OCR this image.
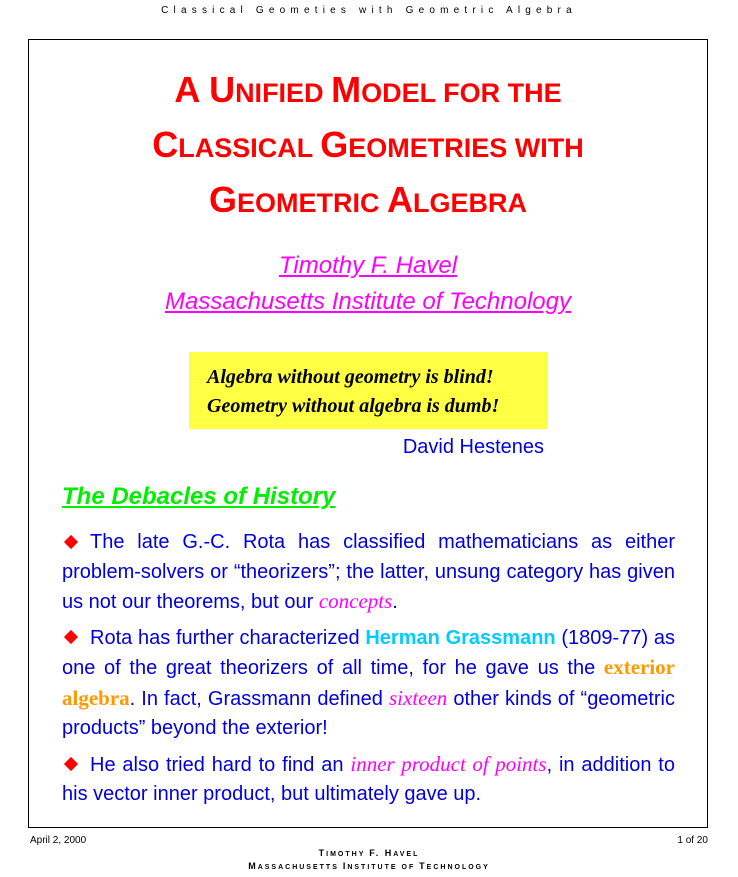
Classical Geometies with Geometric Algebra
A UNIFIED MODEL FOR THE
CLASSICAL GEOMETRIES WITH
GEOMETRIC ALGEBRA
Timothy F. Havel
Massachusetts Institute of Technology
Algebra without geometry is blind!
Geometry without algebra is dumb!
David Hestenes
The Debacles of History
The late G.-C. Rota has classified mathematicians as either problem-solvers or “theorizers”; the latter, unsung category has given us not our theorems, but our concepts.
Rota has further characterized Herman Grassmann (1809-77) as one of the great theorizers of all time, for he gave us the exterior algebra. In fact, Grassmann defined sixteen other kinds of “geometric products” beyond the exterior!
He also tried hard to find an inner product of points, in addition to his vector inner product, but ultimately gave up.
April 2, 2000	1 of 20
TIMOTHY F. HAVEL
MASSACHUSETTS INSTITUTE OF TECHNOLOGY
